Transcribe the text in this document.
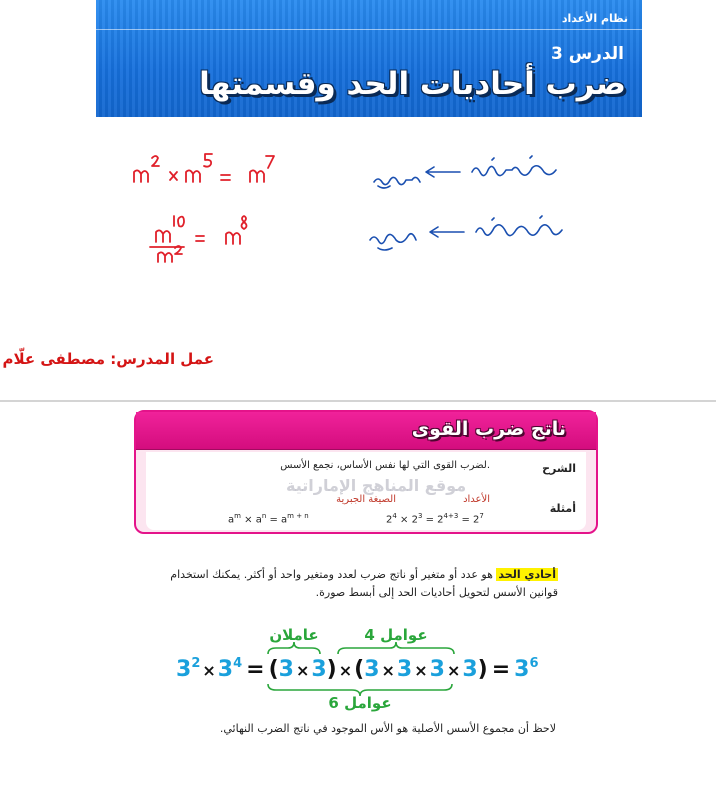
نظام الأعداد
الدرس 3
ضرب أحاديات الحد وقسمتها
عمل المدرس: مصطفى علّام
ناتج ضرب القوى
الشرح
لضرب القوى التي لها نفس الأساس، نجمع الأسس.
أمثلة
الأعداد
الصيغة الجبرية
$2^4 \times 2^3 = 2^{4+3} = 2^7$
$a^m \times a^n = a^{m + n}$
موقع المناهج الإماراتية
أحادي الحد هو عدد أو متغير أو ناتج ضرب لعدد ومتغير واحد أو أكثر. يمكنك استخدام قوانين الأسس لتحويل أحاديات الحد إلى أبسط صورة.
عاملان	4 عوامل
$3^2$ $_\times 3^4 = (3 \times 3) \times(3 \times 3 \times 3 \times 3) = 3^6$
6 عوامل
لاحظ أن مجموع الأسس الأصلية هو الأس الموجود في ناتج الضرب النهائي.
